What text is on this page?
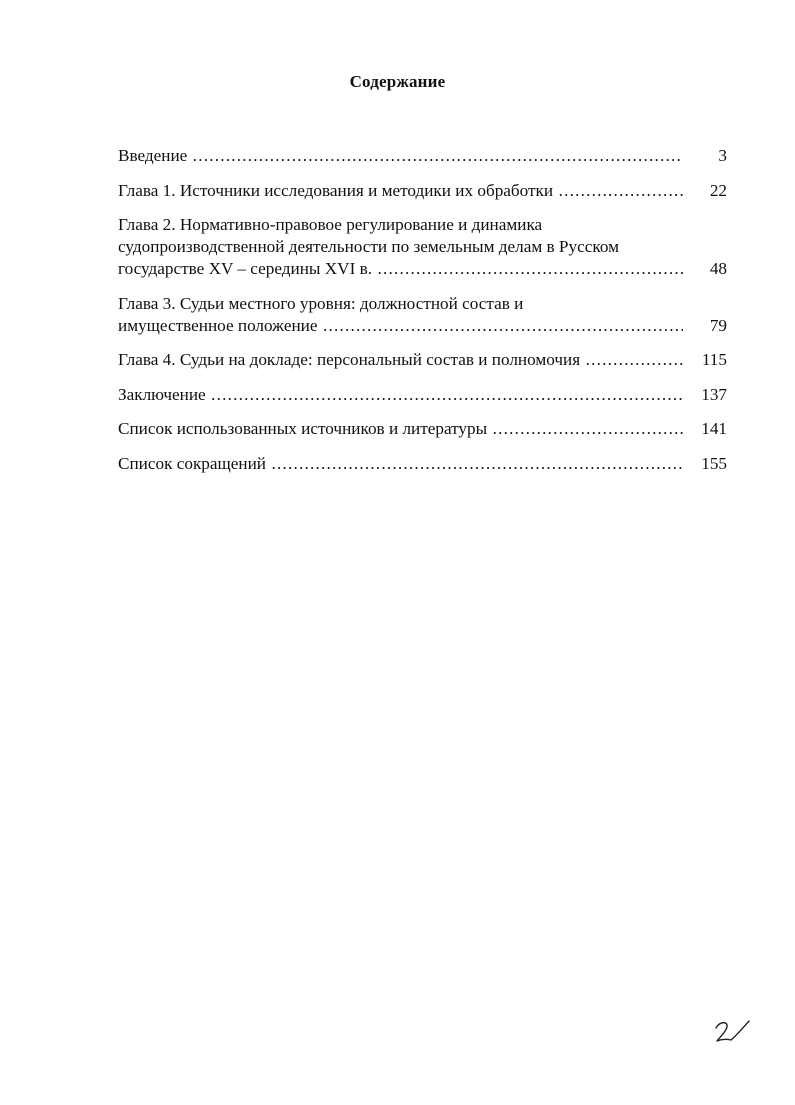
Содержание
Введение .....	3
Глава 1. Источники исследования и методики их обработки .....	22
Глава 2. Нормативно-правовое регулирование и динамика
судопроизводственной деятельности по земельным делам в Русском
государстве XV – середины XVI в. .....	48
Глава 3. Судьи местного уровня: должностной состав и
имущественное положение .....	79
Глава 4. Судьи на докладе: персональный состав и полномочия .....	115
Заключение .....	137
Список использованных источников и литературы .....	141
Список сокращений .....	155
